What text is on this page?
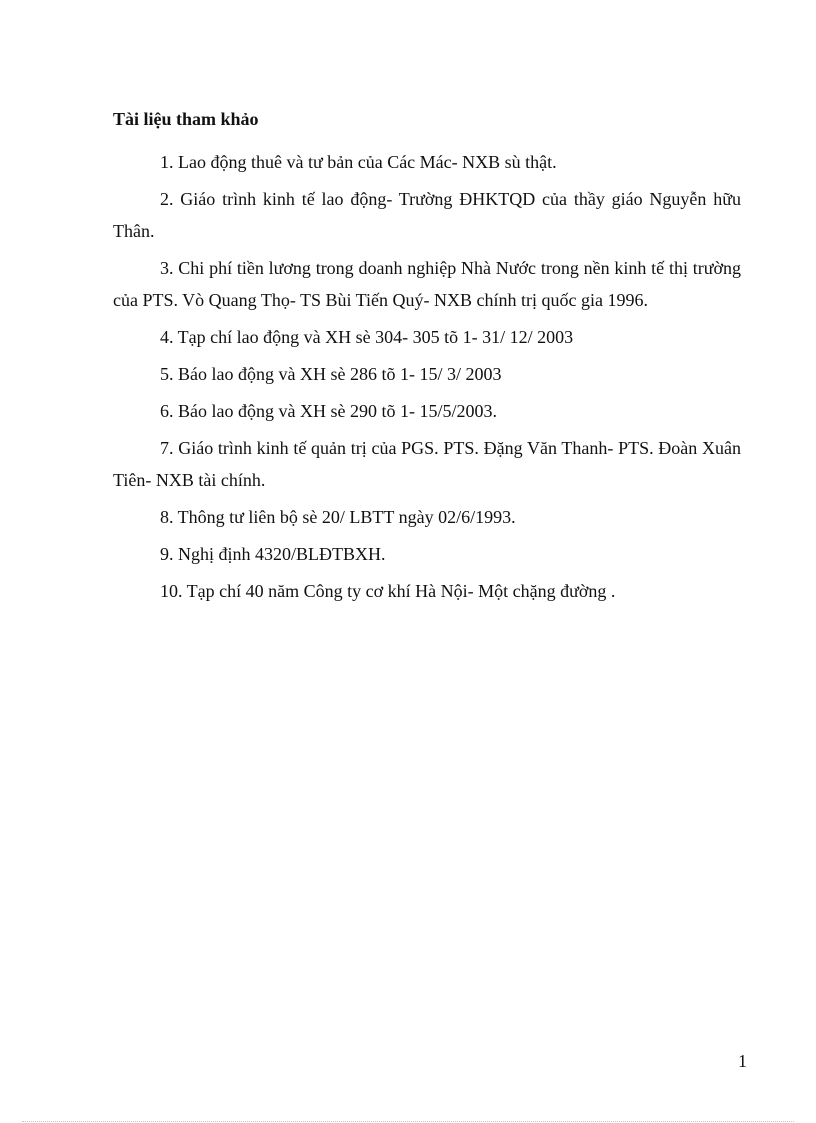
Tài liệu tham khảo
1. Lao động thuê và tư bản của Các Mác- NXB sù thật.
2. Giáo trình kinh tế lao động- Trường ĐHKTQD của thầy giáo Nguyễn hữu Thân.
3. Chi phí tiền lương trong doanh nghiệp Nhà Nước trong nền kinh tế thị trường của PTS. Vò Quang Thọ- TS Bùi Tiến Quý- NXB chính trị quốc gia 1996.
4. Tạp chí lao động và XH sè 304- 305 tõ 1- 31/ 12/ 2003
5. Báo lao động và XH sè 286 tõ 1- 15/ 3/ 2003
6. Báo lao động và XH sè 290 tõ 1- 15/5/2003.
7. Giáo trình kinh tế quản trị của PGS. PTS. Đặng Văn Thanh- PTS. Đoàn Xuân Tiên- NXB tài chính.
8. Thông tư liên bộ sè 20/ LBTT ngày 02/6/1993.
9. Nghị định 4320/BLĐTBXH.
10. Tạp chí 40 năm Công ty cơ khí Hà Nội- Một chặng đường .
1
